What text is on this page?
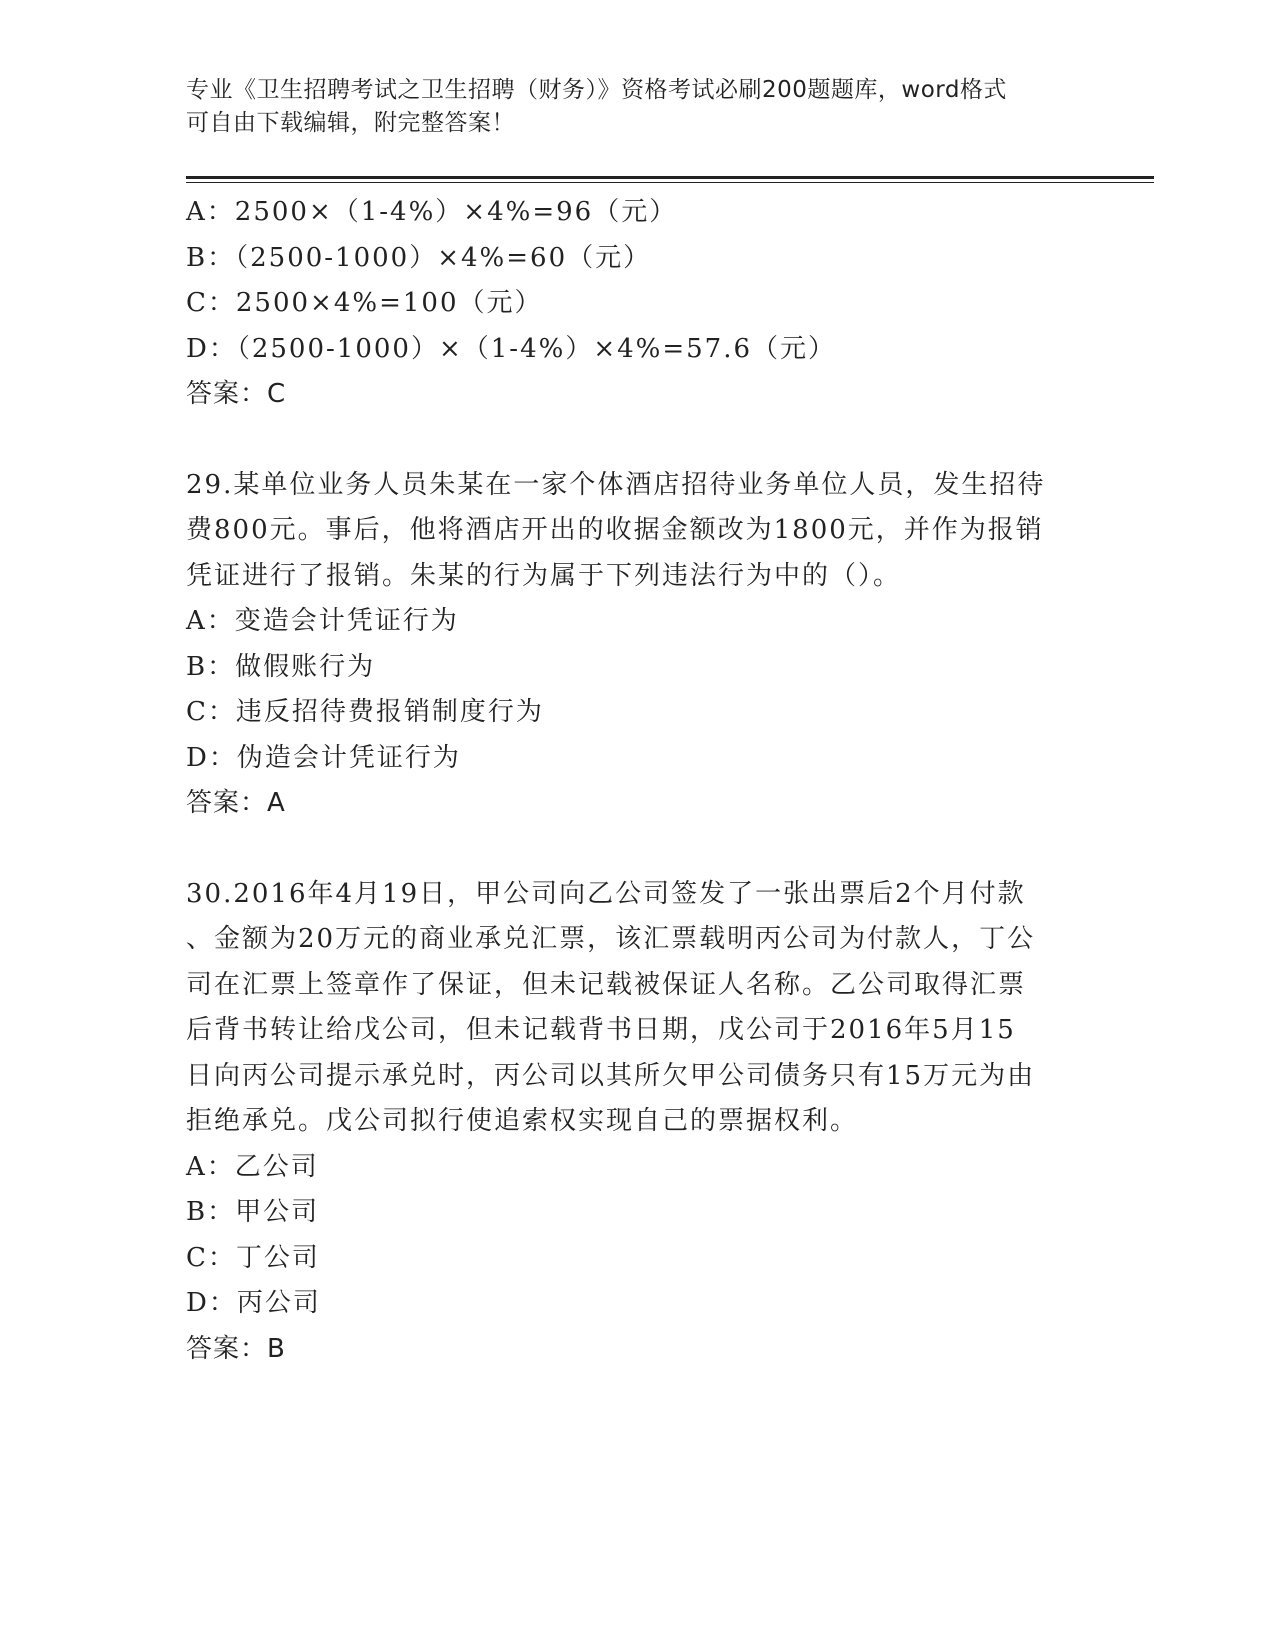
专业《卫生招聘考试之卫生招聘（财务）》资格考试必刷200题题库，word格式
可自由下载编辑，附完整答案！
A：2500×（1-4%）×4%=96（元）
B：（2500-1000）×4%=60（元）
C：2500×4%=100（元）
D：（2500-1000）×（1-4%）×4%=57.6（元）
答案：C
29.某单位业务人员朱某在一家个体酒店招待业务单位人员，发生招待
费800元。事后，他将酒店开出的收据金额改为1800元，并作为报销
凭证进行了报销。朱某的行为属于下列违法行为中的（）。
A：变造会计凭证行为
B：做假账行为
C：违反招待费报销制度行为
D：伪造会计凭证行为
答案：A
30.2016年4月19日，甲公司向乙公司签发了一张出票后2个月付款
、金额为20万元的商业承兑汇票，该汇票载明丙公司为付款人，丁公
司在汇票上签章作了保证，但未记载被保证人名称。乙公司取得汇票
后背书转让给戊公司，但未记载背书日期，戊公司于2016年5月15
日向丙公司提示承兑时，丙公司以其所欠甲公司债务只有15万元为由
拒绝承兑。戊公司拟行使追索权实现自己的票据权利。
A：乙公司
B：甲公司
C：丁公司
D：丙公司
答案：B
